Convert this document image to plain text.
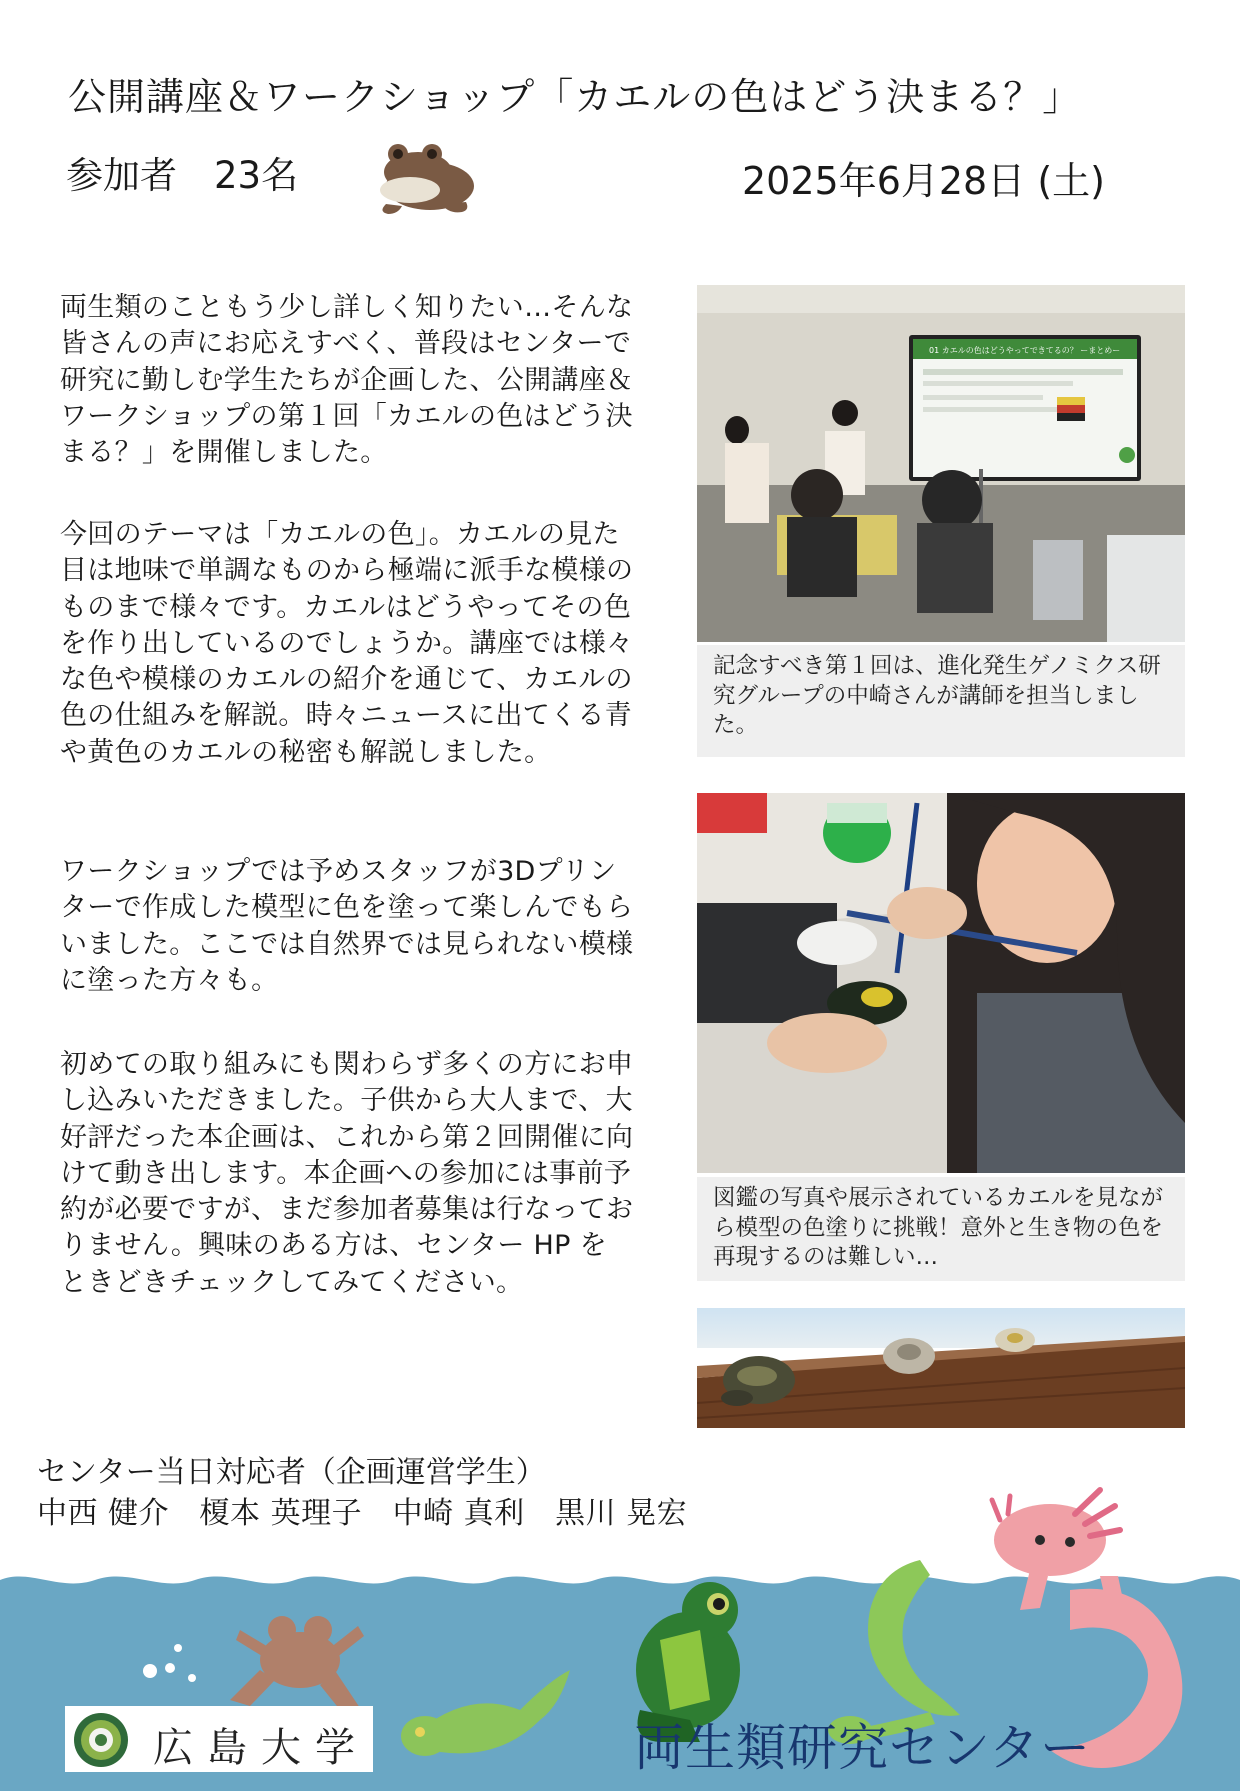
公開講座＆ワークショップ「カエルの色はどう決まる？」
参加者　23名	2025年6月28日 (土)

両生類のこともう少し詳しく知りたい…そんな皆さんの声にお応えすべく、普段はセンターで研究に勤しむ学生たちが企画した、公開講座＆ワークショップの第１回「カエルの色はどう決まる？」を開催しました。

今回のテーマは「カエルの色」。カエルの見た目は地味で単調なものから極端に派手な模様のものまで様々です。カエルはどうやってその色を作り出しているのでしょうか。講座では様々な色や模様のカエルの紹介を通じて、カエルの色の仕組みを解説。時々ニュースに出てくる青や黄色のカエルの秘密も解説しました。

ワークショップでは予めスタッフが3Dプリンターで作成した模型に色を塗って楽しんでもらいました。ここでは自然界では見られない模様に塗った方々も。

初めての取り組みにも関わらず多くの方にお申し込みいただきました。子供から大人まで、大好評だった本企画は、これから第２回開催に向けて動き出します。本企画への参加には事前予約が必要ですが、まだ参加者募集は行なっておりません。興味のある方は、センター HP をときどきチェックしてみてください。

01 カエルの色はどうやってできてるの？ ーまとめー

記念すべき第１回は、進化発生ゲノミクス研究グループの中崎さんが講師を担当しました。

図鑑の写真や展示されているカエルを見ながら模型の色塗りに挑戦！意外と生き物の色を再現するのは難しい…

センター当日対応者（企画運営学生）
中西 健介　榎本 英理子　中崎 真利　黒川 晃宏
広島大学	両生類研究センター
